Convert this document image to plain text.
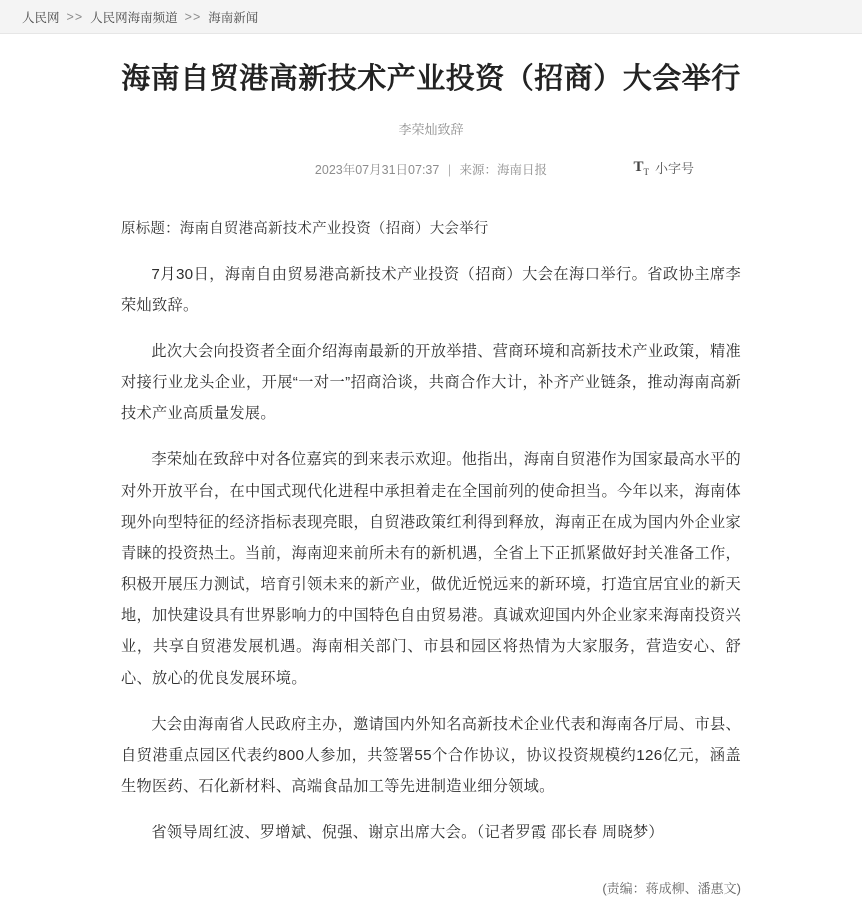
人民网 >> 人民网海南频道 >> 海南新闻
$T_T$ 小字号
海南自贸港高新技术产业投资（招商）大会举行
李荣灿致辞
2023年07月31日07:37 | 来源：海南日报
原标题：海南自贸港高新技术产业投资（招商）大会举行

7月30日，海南自由贸易港高新技术产业投资（招商）大会在海口举行。省政协主席李荣灿致辞。

此次大会向投资者全面介绍海南最新的开放举措、营商环境和高新技术产业政策，精准对接行业龙头企业，开展“一对一”招商洽谈，共商合作大计，补齐产业链条，推动海南高新技术产业高质量发展。

李荣灿在致辞中对各位嘉宾的到来表示欢迎。他指出，海南自贸港作为国家最高水平的对外开放平台，在中国式现代化进程中承担着走在全国前列的使命担当。今年以来，海南体现外向型特征的经济指标表现亮眼，自贸港政策红利得到释放，海南正在成为国内外企业家青睐的投资热土。当前，海南迎来前所未有的新机遇，全省上下正抓紧做好封关准备工作，积极开展压力测试，培育引领未来的新产业，做优近悦远来的新环境，打造宜居宜业的新天地，加快建设具有世界影响力的中国特色自由贸易港。真诚欢迎国内外企业家来海南投资兴业，共享自贸港发展机遇。海南相关部门、市县和园区将热情为大家服务，营造安心、舒心、放心的优良发展环境。

大会由海南省人民政府主办，邀请国内外知名高新技术企业代表和海南各厅局、市县、自贸港重点园区代表约800人参加，共签署55个合作协议，协议投资规模约126亿元，涵盖生物医药、石化新材料、高端食品加工等先进制造业细分领域。

省领导周红波、罗增斌、倪强、谢京出席大会。（记者罗霞 邵长春 周晓梦）

(责编：蒋成柳、潘惠文)
